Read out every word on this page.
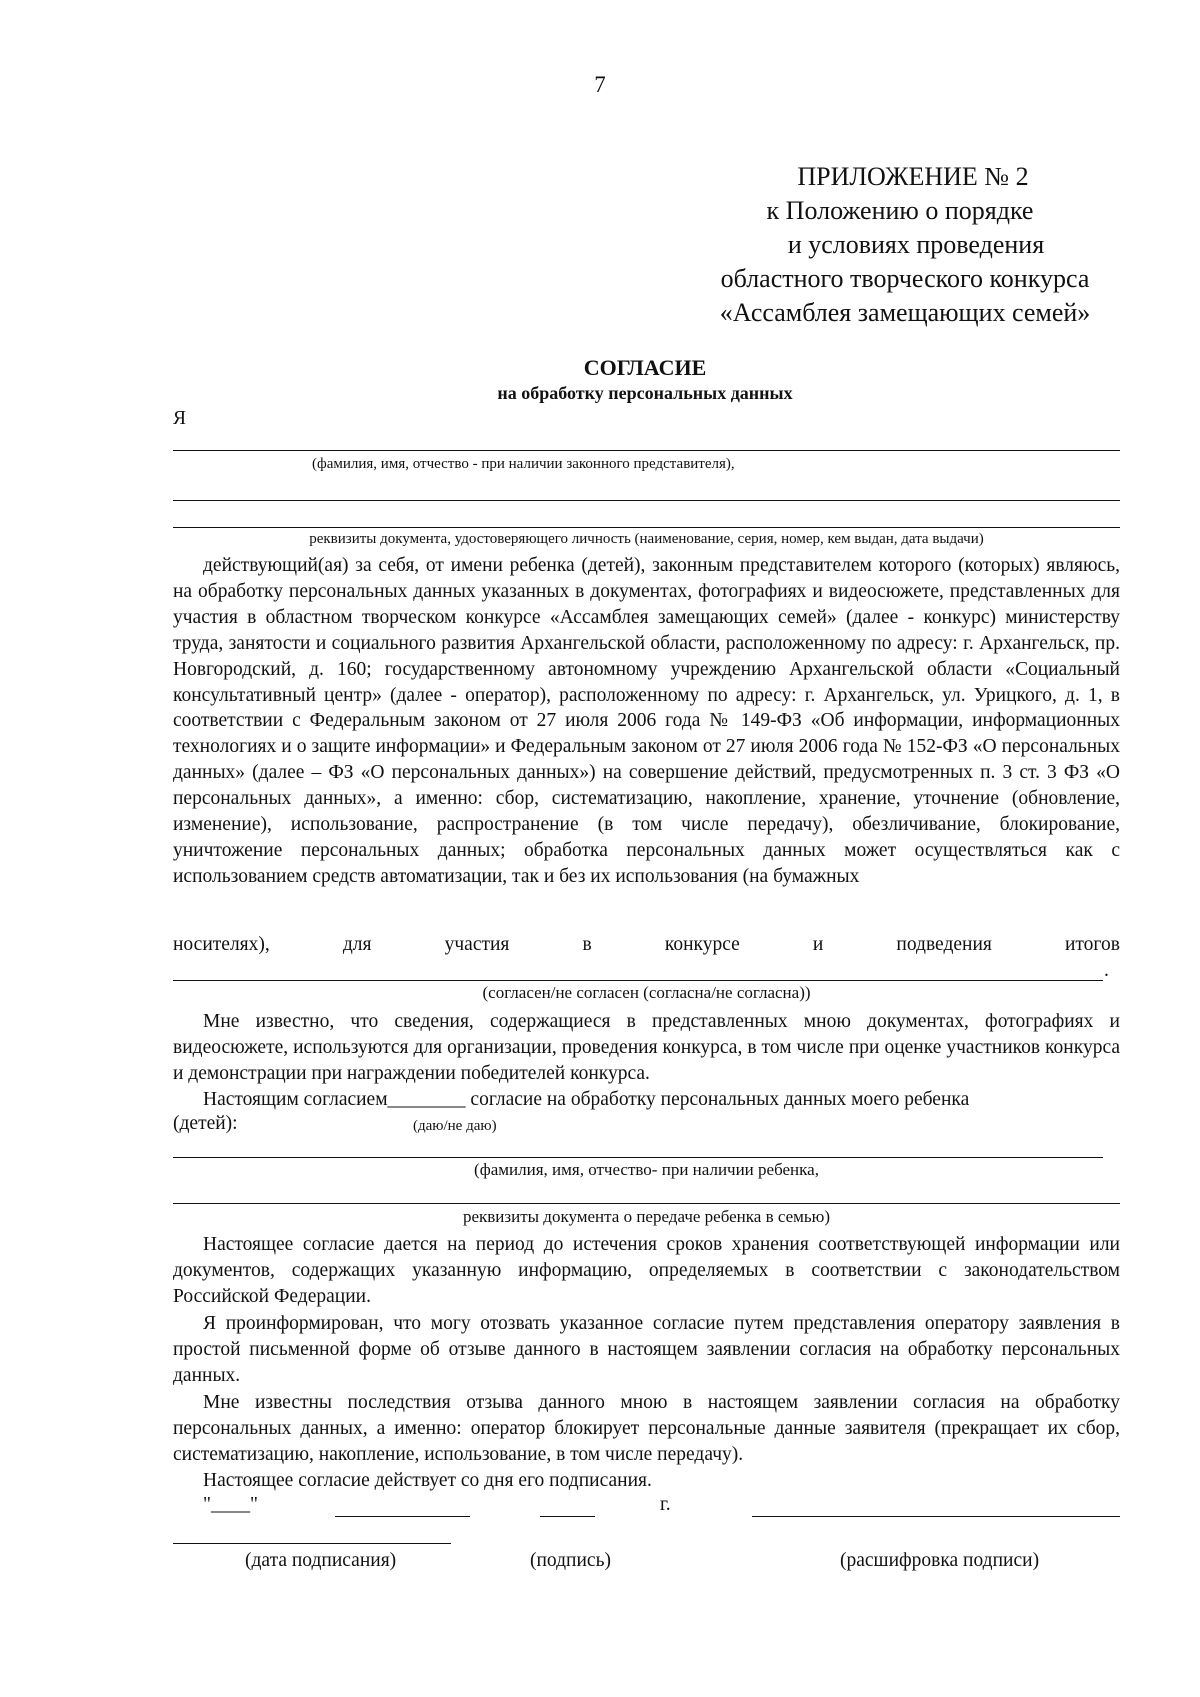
7
ПРИЛОЖЕНИЕ № 2
к Положению о порядке
и условиях проведения
областного творческого конкурса
«Ассамблея замещающих семей»
СОГЛАСИЕ
на обработку персональных данных
Я
(фамилия, имя, отчество - при наличии законного представителя),
реквизиты документа, удостоверяющего личность (наименование, серия, номер, кем выдан, дата выдачи)
действующий(ая) за себя, от имени ребенка (детей), законным представителем которого (которых) являюсь, на обработку персональных данных указанных в документах, фотографиях и видеосюжете, представленных для участия в областном творческом конкурсе «Ассамблея замещающих семей» (далее - конкурс) министерству труда, занятости и социального развития Архангельской области, расположенному по адресу: г. Архангельск, пр. Новгородский, д. 160; государственному автономному учреждению Архангельской области «Социальный консультативный центр» (далее - оператор), расположенному по адресу: г. Архангельск, ул. Урицкого, д. 1, в соответствии с Федеральным законом от 27 июля 2006 года № 149-ФЗ «Об информации, информационных технологиях и о защите информации» и Федеральным законом от 27 июля 2006 года № 152-ФЗ «О персональных данных» (далее – ФЗ «О персональных данных») на совершение действий, предусмотренных п. 3 ст. 3 ФЗ «О персональных данных», а именно: сбор, систематизацию, накопление, хранение, уточнение (обновление, изменение), использование, распространение (в том числе передачу), обезличивание, блокирование, уничтожение персональных данных; обработка персональных данных может осуществляться как с использованием средств автоматизации, так и без их использования (на бумажных
носителях),	для	участия	в	конкурсе	и	подведения	итогов
.
(согласен/не согласен (согласна/не согласна))
Мне известно, что сведения, содержащиеся в представленных мною документах, фотографиях и видеосюжете, используются для организации, проведения конкурса, в том числе при оценке участников конкурса и демонстрации при награждении победителей конкурса.
Настоящим согласием________ согласие на обработку персональных данных моего ребенка
(детей):	(даю/не даю)
(фамилия, имя, отчество- при наличии ребенка,
реквизиты документа о передаче ребенка в семью)
Настоящее согласие дается на период до истечения сроков хранения соответствующей информации или документов, содержащих указанную информацию, определяемых в соответствии с законодательством Российской Федерации.
Я проинформирован, что могу отозвать указанное согласие путем представления оператору заявления в простой письменной форме об отзыве данного в настоящем заявлении согласия на обработку персональных данных.
Мне известны последствия отзыва данного мною в настоящем заявлении согласия на обработку персональных данных, а именно: оператор блокирует персональные данные заявителя (прекращает их сбор, систематизацию, накопление, использование, в том числе передачу).
Настоящее согласие действует со дня его подписания.
"____"	г.
(дата подписания)	(подпись)	(расшифровка подписи)
